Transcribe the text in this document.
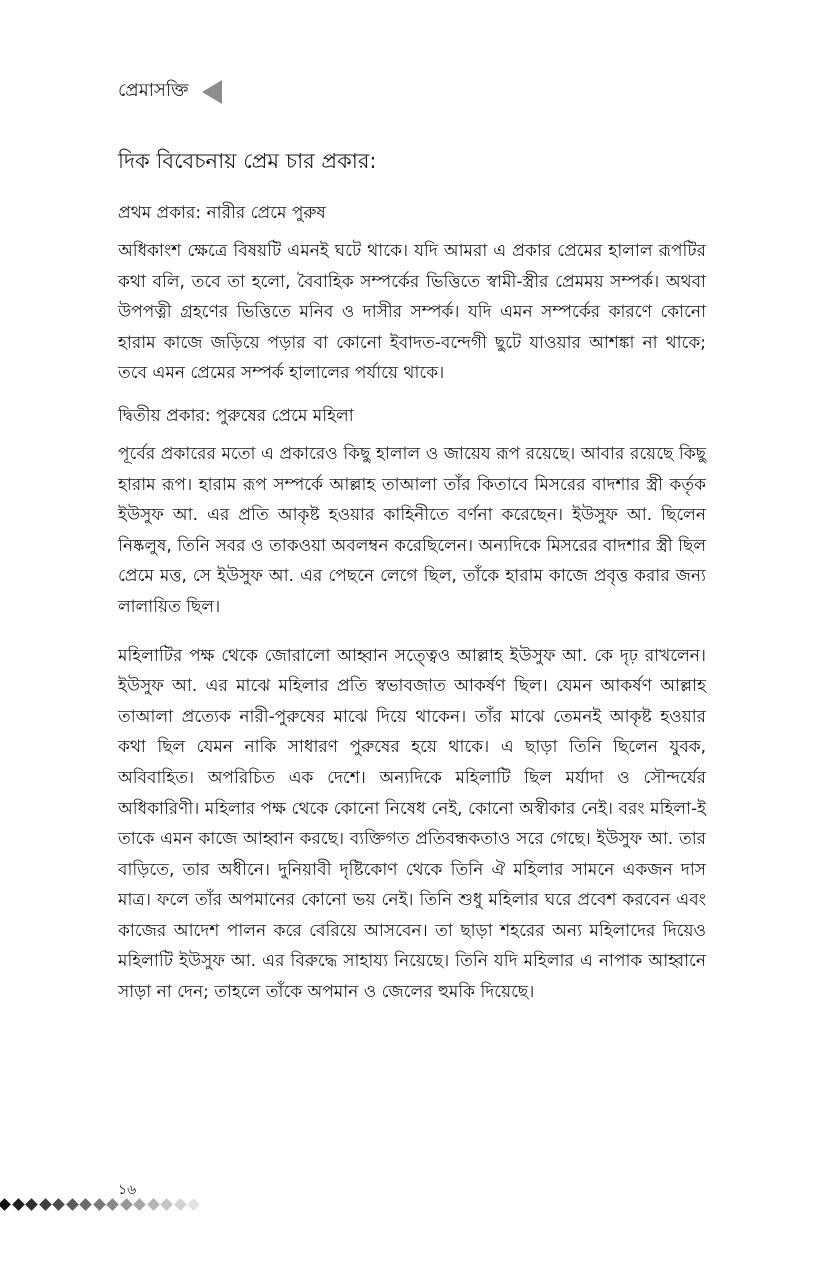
প্রেমাসক্তি
দিক বিবেচনায় প্রেম চার প্রকার:
প্রথম প্রকার: নারীর প্রেমে পুরুষ

অধিকাংশ ক্ষেত্রে বিষয়টি এমনই ঘটে থাকে। যদি আমরা এ প্রকার প্রেমের হালাল রূপটির কথা বলি, তবে তা হলো, বৈবাহিক সম্পর্কের ভিত্তিতে স্বামী-স্ত্রীর প্রেমময় সম্পর্ক। অথবা উপপত্নী গ্রহণের ভিত্তিতে মনিব ও দাসীর সম্পর্ক। যদি এমন সম্পর্কের কারণে কোনো হারাম কাজে জড়িয়ে পড়ার বা কোনো ইবাদত-বন্দেগী ছুটে যাওয়ার আশঙ্কা না থাকে; তবে এমন প্রেমের সম্পর্ক হালালের পর্যায়ে থাকে।

দ্বিতীয় প্রকার: পুরুষের প্রেমে মহিলা

পূর্বের প্রকারের মতো এ প্রকারেও কিছু হালাল ও জায়েয রূপ রয়েছে। আবার রয়েছে কিছু হারাম রূপ। হারাম রূপ সম্পর্কে আল্লাহ তাআলা তাঁর কিতাবে মিসরের বাদশার স্ত্রী কর্তৃক ইউসুফ আ. এর প্রতি আকৃষ্ট হওয়ার কাহিনীতে বর্ণনা করেছেন। ইউসুফ আ. ছিলেন নিষ্কলুষ, তিনি সবর ও তাকওয়া অবলম্বন করেছিলেন। অন্যদিকে মিসরের বাদশার স্ত্রী ছিল প্রেমে মত্ত, সে ইউসুফ আ. এর পেছনে লেগে ছিল, তাঁকে হারাম কাজে প্রবৃত্ত করার জন্য লালায়িত ছিল।

মহিলাটির পক্ষ থেকে জোরালো আহ্বান সত্ত্বেও আল্লাহ ইউসুফ আ. কে দৃঢ় রাখলেন। ইউসুফ আ. এর মাঝে মহিলার প্রতি স্বভাবজাত আকর্ষণ ছিল। যেমন আকর্ষণ আল্লাহ তাআলা প্রত্যেক নারী-পুরুষের মাঝে দিয়ে থাকেন। তাঁর মাঝে তেমনই আকৃষ্ট হওয়ার কথা ছিল যেমন নাকি সাধারণ পুরুষের হয়ে থাকে। এ ছাড়া তিনি ছিলেন যুবক, অবিবাহিত। অপরিচিত এক দেশে। অন্যদিকে মহিলাটি ছিল মর্যাদা ও সৌন্দর্যের অধিকারিণী। মহিলার পক্ষ থেকে কোনো নিষেধ নেই, কোনো অস্বীকার নেই। বরং মহিলা-ই তাকে এমন কাজে আহ্বান করছে। ব্যক্তিগত প্রতিবন্ধকতাও সরে গেছে। ইউসুফ আ. তার বাড়িতে, তার অধীনে। দুনিয়াবী দৃষ্টিকোণ থেকে তিনি ঐ মহিলার সামনে একজন দাস মাত্র। ফলে তাঁর অপমানের কোনো ভয় নেই। তিনি শুধু মহিলার ঘরে প্রবেশ করবেন এবং কাজের আদেশ পালন করে বেরিয়ে আসবেন। তা ছাড়া শহরের অন্য মহিলাদের দিয়েও মহিলাটি ইউসুফ আ. এর বিরুদ্ধে সাহায্য নিয়েছে। তিনি যদি মহিলার এ নাপাক আহ্বানে সাড়া না দেন; তাহলে তাঁকে অপমান ও জেলের হুমকি দিয়েছে।

১৬
